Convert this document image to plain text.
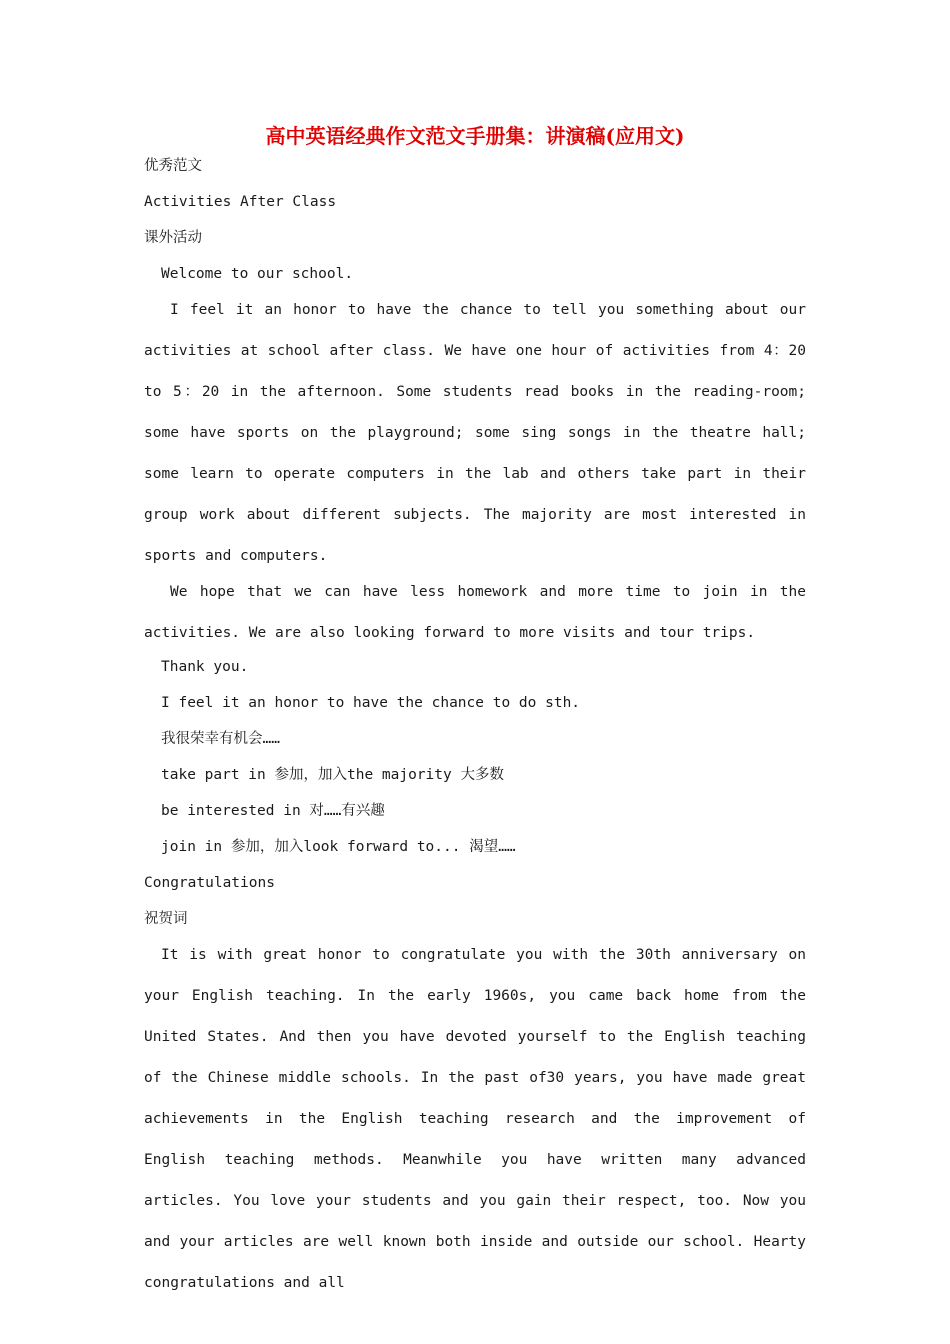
高中英语经典作文范文手册集：讲演稿(应用文)
优秀范文
Activities After Class
课外活动
Welcome to our school.

I feel it an honor to have the chance to tell you something about our activities at school after class. We have one hour of activities from 4：20 to 5：20 in the afternoon. Some students read books in the reading-room; some have sports on the playground; some sing songs in the theatre hall; some learn to operate computers in the lab and others take part in their group work about different subjects. The majority are most interested in sports and computers.

We hope that we can have less homework and more time to join in the activities. We are also looking forward to more visits and tour trips.

Thank you.
I feel it an honor to have the chance to do sth.
我很荣幸有机会……
take part in 参加，加入the majority 大多数
be interested in 对……有兴趣
join in 参加，加入look forward to... 渴望……
Congratulations
祝贺词

It is with great honor to congratulate you with the 30th anniversary on your English teaching. In the early 1960s, you came back home from the United States. And then you have devoted yourself to the English teaching of the Chinese middle schools. In the past of30 years, you have made great achievements in the English teaching research and the improvement of English teaching methods. Meanwhile you have written many advanced articles. You love your students and you gain their respect, too. Now you and your articles are well known both inside and outside our school. Hearty congratulations and all
